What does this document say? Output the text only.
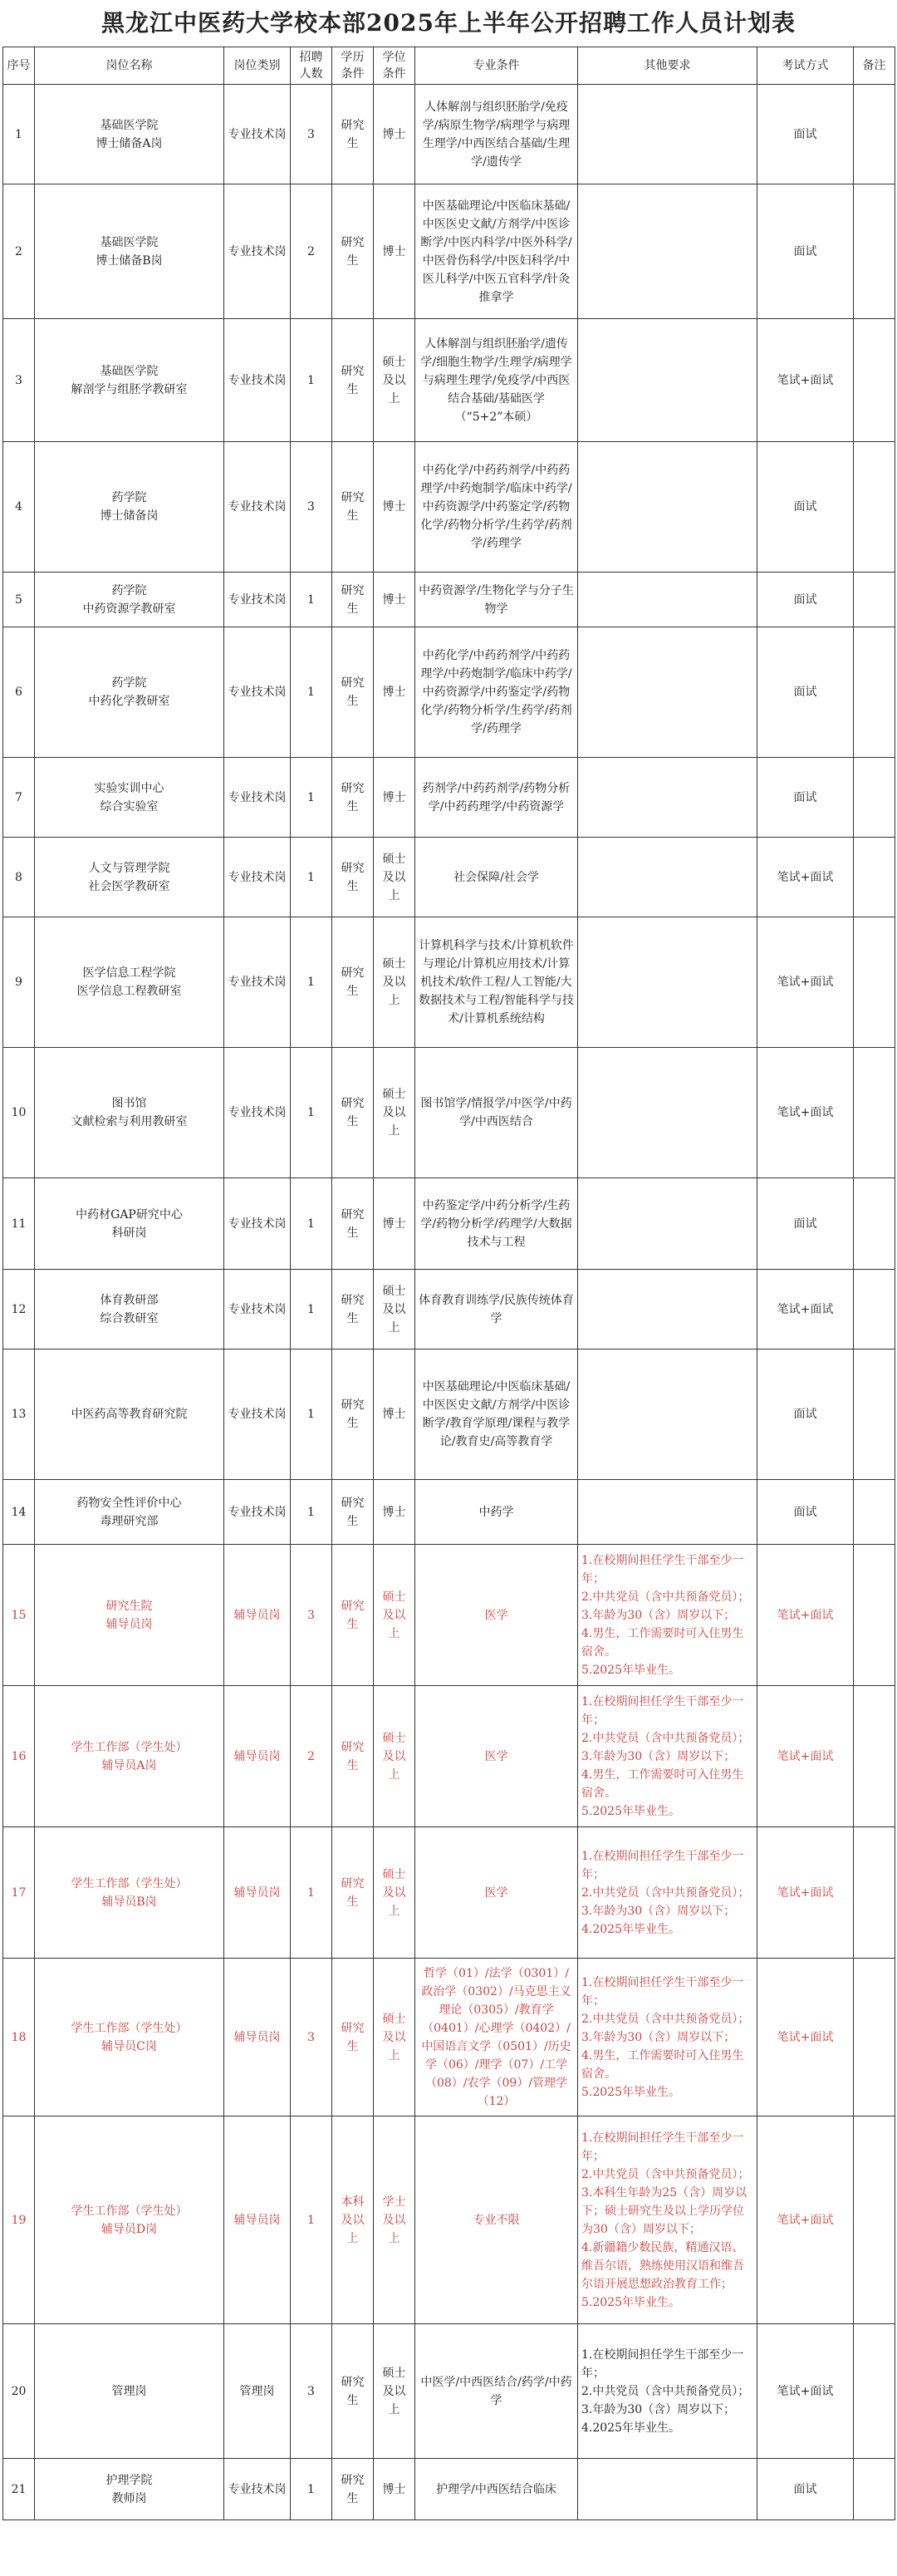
黑龙江中医药大学校本部2025年上半年公开招聘工作人员计划表
序号	岗位名称	岗位类别	招聘人数	学历条件	学位条件	专业条件	其他要求	考试方式	备注
1	基础医学院
博士储备A岗	专业技术岗	3	研究生	博士	人体解剖与组织胚胎学/免疫学/病原生物学/病理学与病理生理学/中西医结合基础/生理学/遗传学		面试	
2	基础医学院
博士储备B岗	专业技术岗	2	研究生	博士	中医基础理论/中医临床基础/中医医史文献/方剂学/中医诊断学/中医内科学/中医外科学/中医骨伤科学/中医妇科学/中医儿科学/中医五官科学/针灸推拿学		面试	
3	基础医学院
解剖学与组胚学教研室	专业技术岗	1	研究生	硕士及以上	人体解剖与组织胚胎学/遗传学/细胞生物学/生理学/病理学与病理生理学/免疫学/中西医结合基础/基础医学（“5+2”本硕）		笔试+面试	
4	药学院
博士储备岗	专业技术岗	3	研究生	博士	中药化学/中药药剂学/中药药理学/中药炮制学/临床中药学/中药资源学/中药鉴定学/药物化学/药物分析学/生药学/药剂学/药理学		面试	
5	药学院
中药资源学教研室	专业技术岗	1	研究生	博士	中药资源学/生物化学与分子生物学		面试	
6	药学院
中药化学教研室	专业技术岗	1	研究生	博士	中药化学/中药药剂学/中药药理学/中药炮制学/临床中药学/中药资源学/中药鉴定学/药物化学/药物分析学/生药学/药剂学/药理学		面试	
7	实验实训中心
综合实验室	专业技术岗	1	研究生	博士	药剂学/中药药剂学/药物分析学/中药药理学/中药资源学		面试	
8	人文与管理学院
社会医学教研室	专业技术岗	1	研究生	硕士及以上	社会保障/社会学		笔试+面试	
9	医学信息工程学院
医学信息工程教研室	专业技术岗	1	研究生	硕士及以上	计算机科学与技术/计算机软件与理论/计算机应用技术/计算机技术/软件工程/人工智能/大数据技术与工程/智能科学与技术/计算机系统结构		笔试+面试	
10	图书馆
文献检索与利用教研室	专业技术岗	1	研究生	硕士及以上	图书馆学/情报学/中医学/中药学/中西医结合		笔试+面试	
11	中药材GAP研究中心
科研岗	专业技术岗	1	研究生	博士	中药鉴定学/中药分析学/生药学/药物分析学/药理学/大数据技术与工程		面试	
12	体育教研部
综合教研室	专业技术岗	1	研究生	硕士及以上	体育教育训练学/民族传统体育学		笔试+面试	
13	中医药高等教育研究院	专业技术岗	1	研究生	博士	中医基础理论/中医临床基础/中医医史文献/方剂学/中医诊断学/教育学原理/课程与教学论/教育史/高等教育学		面试	
14	药物安全性评价中心
毒理研究部	专业技术岗	1	研究生	博士	中药学		面试	
15	研究生院
辅导员岗	辅导员岗	3	研究生	硕士及以上	医学	1.在校期间担任学生干部至少一年；
2.中共党员（含中共预备党员）；
3.年龄为30（含）周岁以下；
4.男生，工作需要时可入住男生宿舍。
5.2025年毕业生。	笔试+面试	
16	学生工作部（学生处）
辅导员A岗	辅导员岗	2	研究生	硕士及以上	医学	1.在校期间担任学生干部至少一年；
2.中共党员（含中共预备党员）；
3.年龄为30（含）周岁以下；
4.男生，工作需要时可入住男生宿舍。
5.2025年毕业生。	笔试+面试	
17	学生工作部（学生处）
辅导员B岗	辅导员岗	1	研究生	硕士及以上	医学	1.在校期间担任学生干部至少一年；
2.中共党员（含中共预备党员）；
3.年龄为30（含）周岁以下；
4.2025年毕业生。	笔试+面试	
18	学生工作部（学生处）
辅导员C岗	辅导员岗	3	研究生	硕士及以上	哲学（01）/法学（0301）/政治学（0302）/马克思主义理论（0305）/教育学（0401）/心理学（0402）/中国语言文学（0501）/历史学（06）/理学（07）/工学（08）/农学（09）/管理学（12）	1.在校期间担任学生干部至少一年；
2.中共党员（含中共预备党员）；
3.年龄为30（含）周岁以下；
4.男生，工作需要时可入住男生宿舍。
5.2025年毕业生。	笔试+面试	
19	学生工作部（学生处）
辅导员D岗	辅导员岗	1	本科及以上	学士及以上	专业不限	1.在校期间担任学生干部至少一年；
2.中共党员（含中共预备党员）；
3.本科生年龄为25（含）周岁以下；硕士研究生及以上学历学位为30（含）周岁以下；
4.新疆籍少数民族，精通汉语、维吾尔语，熟练使用汉语和维吾尔语开展思想政治教育工作；
5.2025年毕业生。	笔试+面试	
20	管理岗	管理岗	3	研究生	硕士及以上	中医学/中西医结合/药学/中药学	1.在校期间担任学生干部至少一年；
2.中共党员（含中共预备党员）；
3.年龄为30（含）周岁以下；
4.2025年毕业生。	笔试+面试	
21	护理学院
教师岗	专业技术岗	1	研究生	博士	护理学/中西医结合临床		面试	
